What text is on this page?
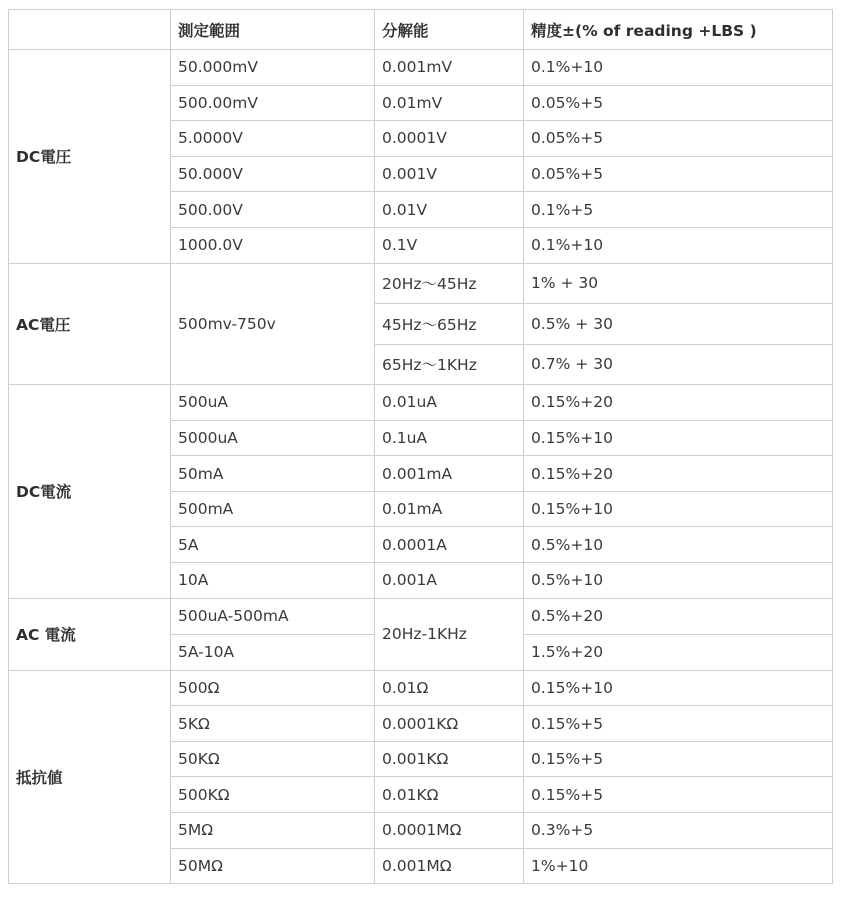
	測定範囲	分解能	精度±(% of reading +LBS )
DC電圧	50.000mV	0.001mV	0.1%+10
	500.00mV	0.01mV	0.05%+5
	5.0000V	0.0001V	0.05%+5
	50.000V	0.001V	0.05%+5
	500.00V	0.01V	0.1%+5
	1000.0V	0.1V	0.1%+10
AC電圧	500mv-750v	20Hz～45Hz	1% + 30
		45Hz～65Hz	0.5% + 30
		65Hz～1KHz	0.7% + 30
DC電流	500uA	0.01uA	0.15%+20
	5000uA	0.1uA	0.15%+10
	50mA	0.001mA	0.15%+20
	500mA	0.01mA	0.15%+10
	5A	0.0001A	0.5%+10
	10A	0.001A	0.5%+10
AC 電流	500uA-500mA	20Hz-1KHz	0.5%+20
	5A-10A		1.5%+20
抵抗値	500Ω	0.01Ω	0.15%+10
	5KΩ	0.0001KΩ	0.15%+5
	50KΩ	0.001KΩ	0.15%+5
	500KΩ	0.01KΩ	0.15%+5
	5MΩ	0.0001MΩ	0.3%+5
	50MΩ	0.001MΩ	1%+10
